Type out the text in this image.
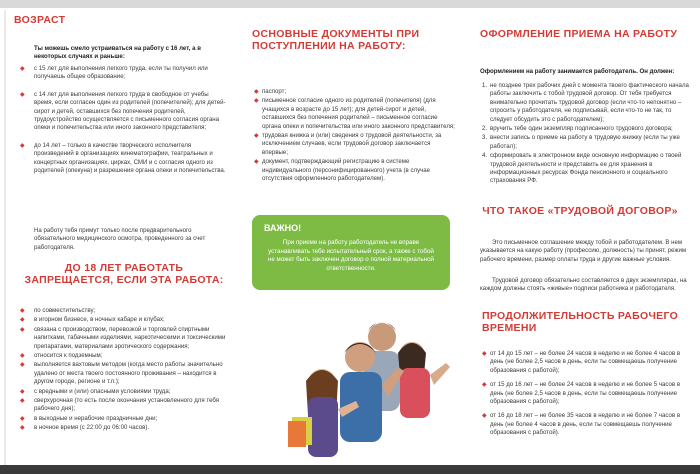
ВОЗРАСТ

Ты можешь смело устраиваться на работу с 16 лет, а в некоторых случаях и раньше:

◆ с 15 лет для выполнения легкого труда, если ты получил или получаешь общее образование;
◆ с 14 лет для выполнения легкого труда в свободное от учебы время, если согласен один из родителей (попечителей); для детей-сирот и детей, оставшихся без попечения родителей, трудоустройство осуществляется с письменного согласия органа опеки и попечительства или иного законного представителя;
◆ до 14 лет – только в качестве творческого исполнителя произведений в организациях кинематографии, театральных и концертных организациях, цирках, СМИ и с согласия одного из родителей (опекуна) и разрешения органа опеки и попечительства.

На работу тебя примут только после предварительного обязательного медицинского осмотра, проведенного за счет работодателя.

ДО 18 ЛЕТ РАБОТАТЬ ЗАПРЕЩАЕТСЯ, ЕСЛИ ЭТА РАБОТА:
◆ по совместительству;
◆ в игорном бизнесе, в ночных кабаре и клубах;
◆ связана с производством, перевозкой и торговлей спиртными напитками, табачными изделиями, наркотическими и токсическими препаратами, материалами эротического содержания;
◆ относится к подземным;
◆ выполняется вахтовым методом (когда место работы значительно удалено от места твоего постоянного проживания – находится в другом городе, регионе и т.п.);
◆ с вредными и (или) опасными условиями труда;
◆ сверхурочная (то есть после окончания установленного для тебя рабочего дня);
◆ в выходные и нерабочие праздничные дни;
◆ в ночное время (с 22:00 до 06:00 часов).
ОСНОВНЫЕ ДОКУМЕНТЫ ПРИ ПОСТУПЛЕНИИ НА РАБОТУ:
◆ паспорт;
◆ письменное согласие одного из родителей (попечителя) (для учащихся в возрасте до 15 лет); для детей-сирот и детей, оставшихся без попечения родителей – письменное согласие органа опеки и попечительства или иного законного представителя;
◆ трудовая книжка и (или) сведения о трудовой деятельности, за исключением случаев, если трудовой договор заключается впервые;
◆ документ, подтверждающий регистрацию в системе индивидуального (персонифицированного) учета (в случае отсутствия оформленного работодателем).
ВАЖНО!

При приеме на работу работодатель не вправе устанавливать тебе испытательный срок, а также с тобой не может быть заключен договор о полной материальной ответственности.

ОФОРМЛЕНИЕ ПРИЕМА НА РАБОТУ

Оформлением на работу занимается работодатель. Он должен:

1. не позднее трех рабочих дней с момента твоего фактического начала работы заключить с тобой трудовой договор. От тебя требуется внимательно прочитать трудовой договор (если что-то непонятно – спросить у работодателя, не подписывай, если что-то не так, то следует обсудить это с работодателем);
2. вручить тебе один экземпляр подписанного трудового договора;
3. внести запись о приеме на работу в трудовую книжку (если ты уже работал);
4. сформировать в электронном виде основную информацию о твоей трудовой деятельности и представить ее для хранения в информационных ресурсах Фонда пенсионного и социального страхования РФ.
ЧТО ТАКОЕ «ТРУДОВОЙ ДОГОВОР»

Это письменное соглашение между тобой и работодателем. В нем указывается на какую работу (профессию, должность) ты принят, режим рабочего времени, размер оплаты труда и другие важные условия.

Трудовой договор обязательно составляется в двух экземплярах, на каждом должны стоять «живые» подписи работника и работодателя.

ПРОДОЛЖИТЕЛЬНОСТЬ РАБОЧЕГО ВРЕМЕНИ
◆ от 14 до 15 лет – не более 24 часов в неделю и не более 4 часов в день (не более 2,5 часов в день, если ты совмещаешь получение образования с работой);
◆ от 15 до 16 лет – не более 24 часов в неделю и не более 5 часов в день (не более 2,5 часов в день, если ты совмещаешь получение образования с работой);
◆ от 16 до 18 лет – не более 35 часов в неделю и не более 7 часов в день (не более 4 часов в день, если ты совмещаешь получение образования с работой).
